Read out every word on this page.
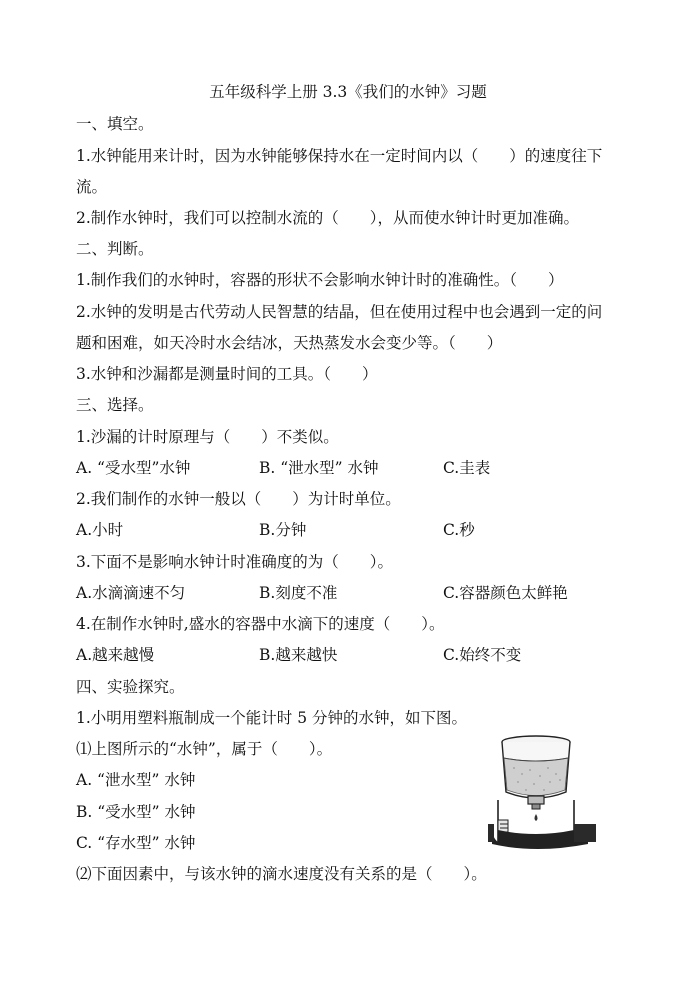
五年级科学上册 3.3《我们的水钟》习题
一、填空。
1.水钟能用来计时，因为水钟能够保持水在一定时间内以（　　）的速度往下
流。
2.制作水钟时，我们可以控制水流的（　　），从而使水钟计时更加准确。
二、判断。
1.制作我们的水钟时，容器的形状不会影响水钟计时的准确性。（　　）
2.水钟的发明是古代劳动人民智慧的结晶，但在使用过程中也会遇到一定的问
题和困难，如天冷时水会结冰，天热蒸发水会变少等。（　　）
3.水钟和沙漏都是测量时间的工具。（　　）
三、选择。
1.沙漏的计时原理与（　　）不类似。
A. “受水型”水钟	B. “泄水型” 水钟	C.圭表
2.我们制作的水钟一般以（　　）为计时单位。
A.小时	B.分钟	C.秒
3.下面不是影响水钟计时准确度的为（　　）。
A.水滴滴速不匀	B.刻度不准	C.容器颜色太鲜艳
4.在制作水钟时,盛水的容器中水滴下的速度（　　）。
A.越来越慢	B.越来越快	C.始终不变
四、实验探究。
1.小明用塑料瓶制成一个能计时 5 分钟的水钟，如下图。
⑴上图所示的“水钟”，属于（　　）。
A. “泄水型” 水钟
B. “受水型” 水钟
C. “存水型” 水钟
⑵下面因素中，与该水钟的滴水速度没有关系的是（　　）。
